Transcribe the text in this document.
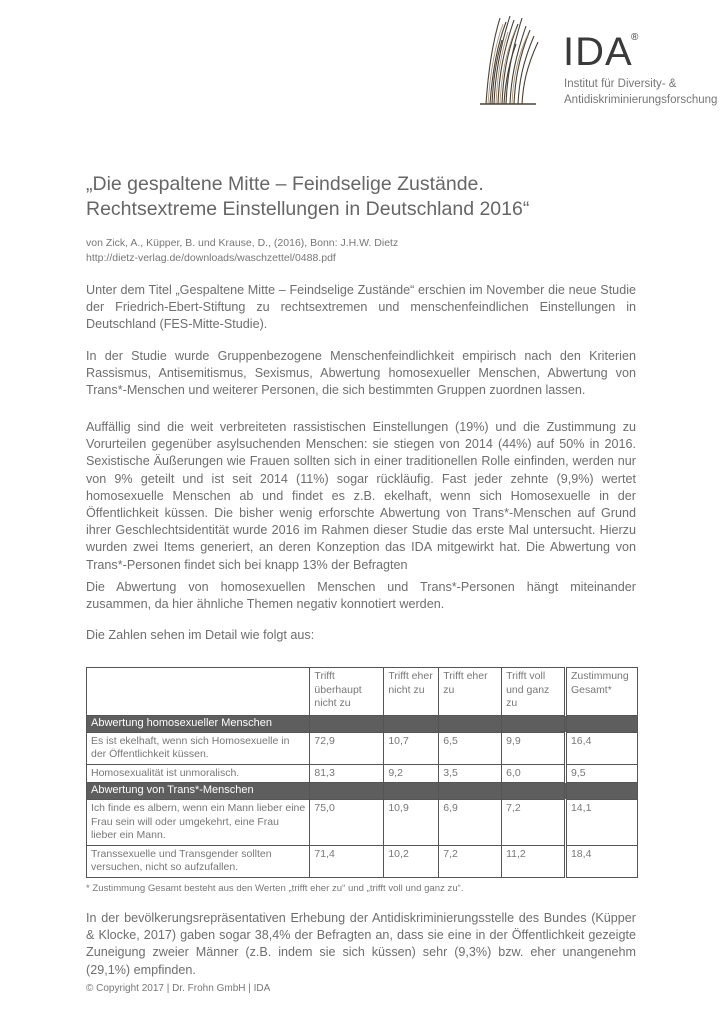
IDA
®
Institut für Diversity- &
Antidiskriminierungsforschung
„Die gespaltene Mitte – Feindselige Zustände.
Rechtsextreme Einstellungen in Deutschland 2016“
von Zick, A., Küpper, B. und Krause, D., (2016), Bonn: J.H.W. Dietz
http://dietz-verlag.de/downloads/waschzettel/0488.pdf
Unter dem Titel „Gespaltene Mitte – Feindselige Zustände“ erschien im November die neue Studie der Friedrich-Ebert-Stiftung zu rechtsextremen und menschenfeindlichen Einstellungen in Deutschland (FES-Mitte-Studie).
In der Studie wurde Gruppenbezogene Menschenfeindlichkeit empirisch nach den Kriterien Rassismus, Antisemitismus, Sexismus, Abwertung homosexueller Menschen, Abwertung von Trans*-Menschen und weiterer Personen, die sich bestimmten Gruppen zuordnen lassen.
Auffällig sind die weit verbreiteten rassistischen Einstellungen (19%) und die Zustimmung zu Vorurteilen gegenüber asylsuchenden Menschen: sie stiegen von 2014 (44%) auf 50% in 2016. Sexistische Äußerungen wie Frauen sollten sich in einer traditionellen Rolle einfinden, werden nur von 9% geteilt und ist seit 2014 (11%) sogar rückläufig. Fast jeder zehnte (9,9%) wertet homosexuelle Menschen ab und findet es z.B. ekelhaft, wenn sich Homosexuelle in der Öffentlichkeit küssen. Die bisher wenig erforschte Abwertung von Trans*-Menschen auf Grund ihrer Geschlechtsidentität wurde 2016 im Rahmen dieser Studie das erste Mal untersucht. Hierzu wurden zwei Items generiert, an deren Konzeption das IDA mitgewirkt hat. Die Abwertung von Trans*-Personen findet sich bei knapp 13% der Befragten
Die Abwertung von homosexuellen Menschen und Trans*-Personen hängt miteinander zusammen, da hier ähnliche Themen negativ konnotiert werden.
Die Zahlen sehen im Detail wie folgt aus:
	Trifft überhaupt nicht zu	Trifft eher nicht zu	Trifft eher zu	Trifft voll und ganz zu	Zustimmung Gesamt*
Abwertung homosexueller Menschen					
Es ist ekelhaft, wenn sich Homosexuelle in der Öffentlichkeit küssen.	72,9	10,7	6,5	9,9	16,4
Homosexualität ist unmoralisch.	81,3	9,2	3,5	6,0	9,5
Abwertung von Trans*-Menschen					
Ich finde es albern, wenn ein Mann lieber eine Frau sein will oder umgekehrt, eine Frau lieber ein Mann.	75,0	10,9	6,9	7,2	14,1
Transsexuelle und Transgender sollten versuchen, nicht so aufzufallen.	71,4	10,2	7,2	11,2	18,4
* Zustimmung Gesamt besteht aus den Werten „trifft eher zu“ und „trifft voll und ganz zu“.
In der bevölkerungsrepräsentativen Erhebung der Antidiskriminierungsstelle des Bundes (Küpper & Klocke, 2017) gaben sogar 38,4% der Befragten an, dass sie eine in der Öffentlichkeit gezeigte Zuneigung zweier Männer (z.B. indem sie sich küssen) sehr (9,3%) bzw. eher unangenehm (29,1%) empfinden.
© Copyright 2017 | Dr. Frohn GmbH | IDA
